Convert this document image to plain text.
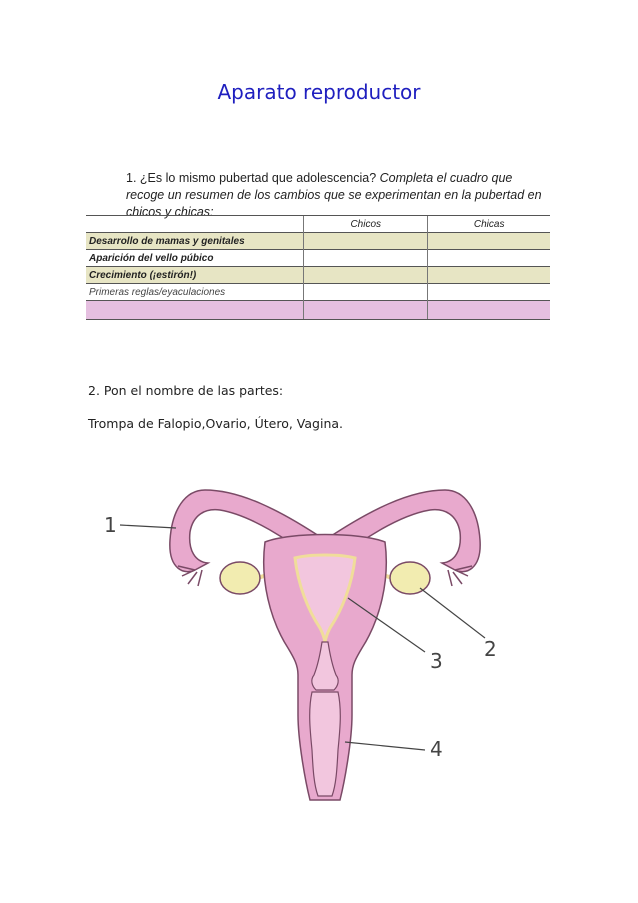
Aparato reproductor
1. ¿Es lo mismo pubertad que adolescencia? Completa el cuadro que recoge un resumen de los cambios que se experimentan en la pubertad en chicos y chicas:
	Chicos	Chicas
Desarrollo de mamas y genitales		
Aparición del vello púbico		
Crecimiento (¡estirón!)		
Primeras reglas/eyaculaciones		

2. Pon el nombre de las partes:
Trompa de Falopio,Ovario, Útero, Vagina.
1
2
3
4
